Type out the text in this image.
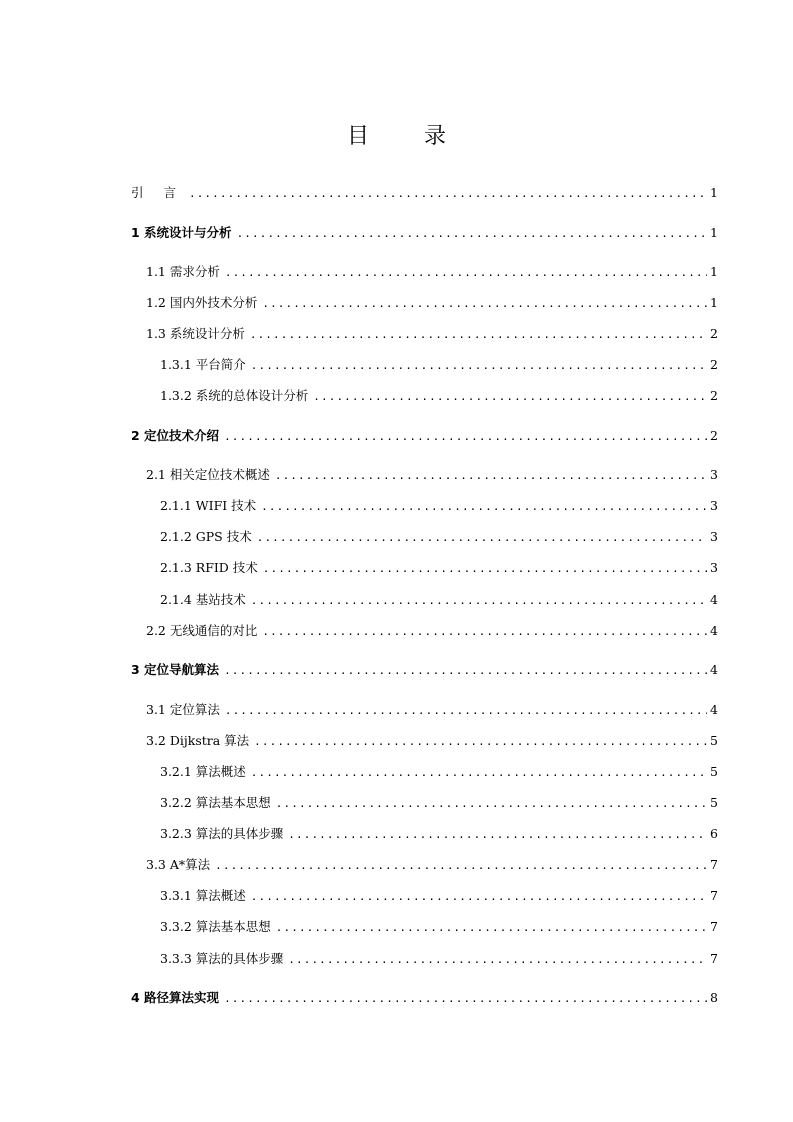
目 录
引 言 .....	1
1 系统设计与分析 .....	1
1.1 需求分析 .....	1
1.2 国内外技术分析 .....	1
1.3 系统设计分析 .....	2
1.3.1 平台简介 .....	2
1.3.2 系统的总体设计分析 .....	2
2 定位技术介绍 .....	2
2.1 相关定位技术概述 .....	3
2.1.1 WIFI 技术 .....	3
2.1.2 GPS 技术 .....	3
2.1.3 RFID 技术 .....	3
2.1.4 基站技术 .....	4
2.2 无线通信的对比 .....	4
3 定位导航算法 .....	4
3.1 定位算法 .....	4
3.2 Dijkstra 算法 .....	5
3.2.1 算法概述 .....	5
3.2.2 算法基本思想 .....	5
3.2.3 算法的具体步骤 .....	6
3.3 A*算法 .....	7
3.3.1 算法概述 .....	7
3.3.2 算法基本思想 .....	7
3.3.3 算法的具体步骤 .....	7
4 路径算法实现 .....	8
